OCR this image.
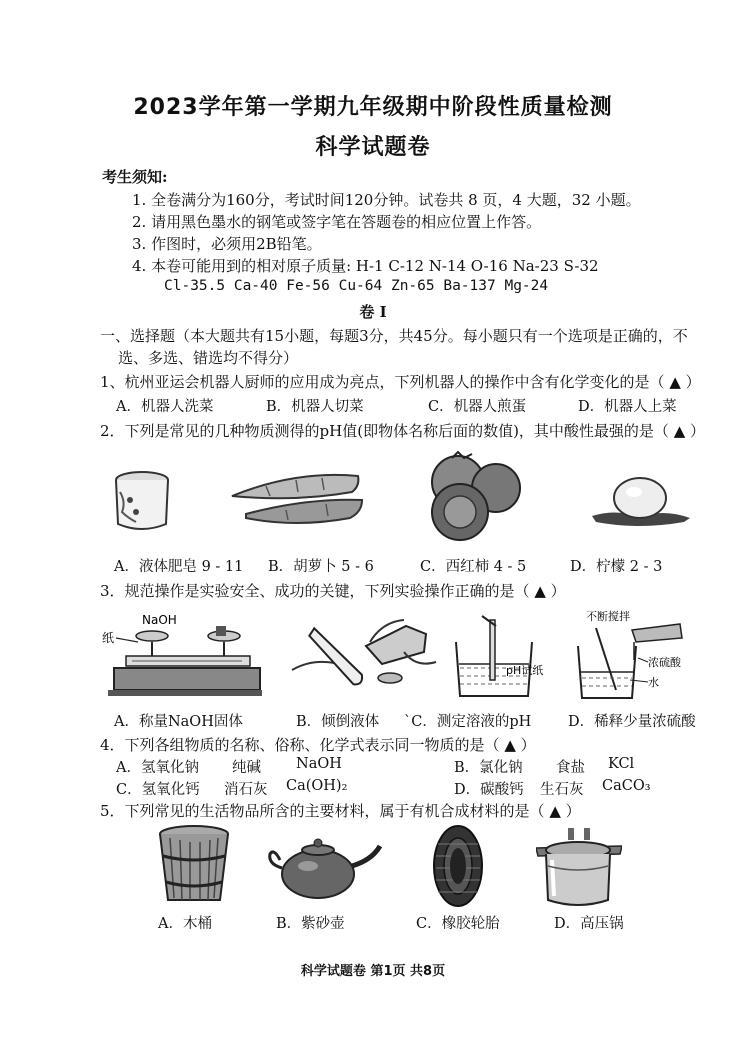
2023学年第一学期九年级期中阶段性质量检测
科学试题卷
考生须知:
1. 全卷满分为160分，考试时间120分钟。试卷共 8 页，4 大题，32 小题。
2. 请用黑色墨水的钢笔或签字笔在答题卷的相应位置上作答。
3. 作图时，必须用2B铅笔。
4. 本卷可能用到的相对原子质量: H-1 C-12 N-14 O-16 Na-23 S-32
Cl-35.5 Ca-40 Fe-56 Cu-64 Zn-65 Ba-137 Mg-24
卷 I
一、选择题（本大题共有15小题，每题3分，共45分。每小题只有一个选项是正确的，不
选、多选、错选均不得分）
1、杭州亚运会机器人厨师的应用成为亮点，下列机器人的操作中含有化学变化的是（ ▲ ）
A．机器人洗菜	B．机器人切菜	C．机器人煎蛋	D．机器人上菜
2．下列是常见的几种物质测得的pH值(即物体名称后面的数值)，其中酸性最强的是（ ▲ ）
A．液体肥皂 9 - 11 B．胡萝卜 5 - 6	C．西红柿 4 - 5	D．柠檬 2 - 3
3．规范操作是实验安全、成功的关键，下列实验操作正确的是（ ▲ ）
NaOH
纸
pH试纸
不断搅拌
浓硫酸
水
A．称量NaOH固体	B．倾倒液体 `C．测定溶液的pH	D．稀释少量浓硫酸
4．下列各组物质的名称、俗称、化学式表示同一物质的是（ ▲ ）
A．氢氧化钠 纯碱 NaOH	B．氯化钠 食盐 KCl
C．氢氧化钙 消石灰 Ca(OH)₂	D．碳酸钙 生石灰 CaCO₃
5．下列常见的生活物品所含的主要材料，属于有机合成材料的是（ ▲ ）
A．木桶	B．紫砂壶	C．橡胶轮胎	D．高压锅
科学试题卷 第1页 共8页
